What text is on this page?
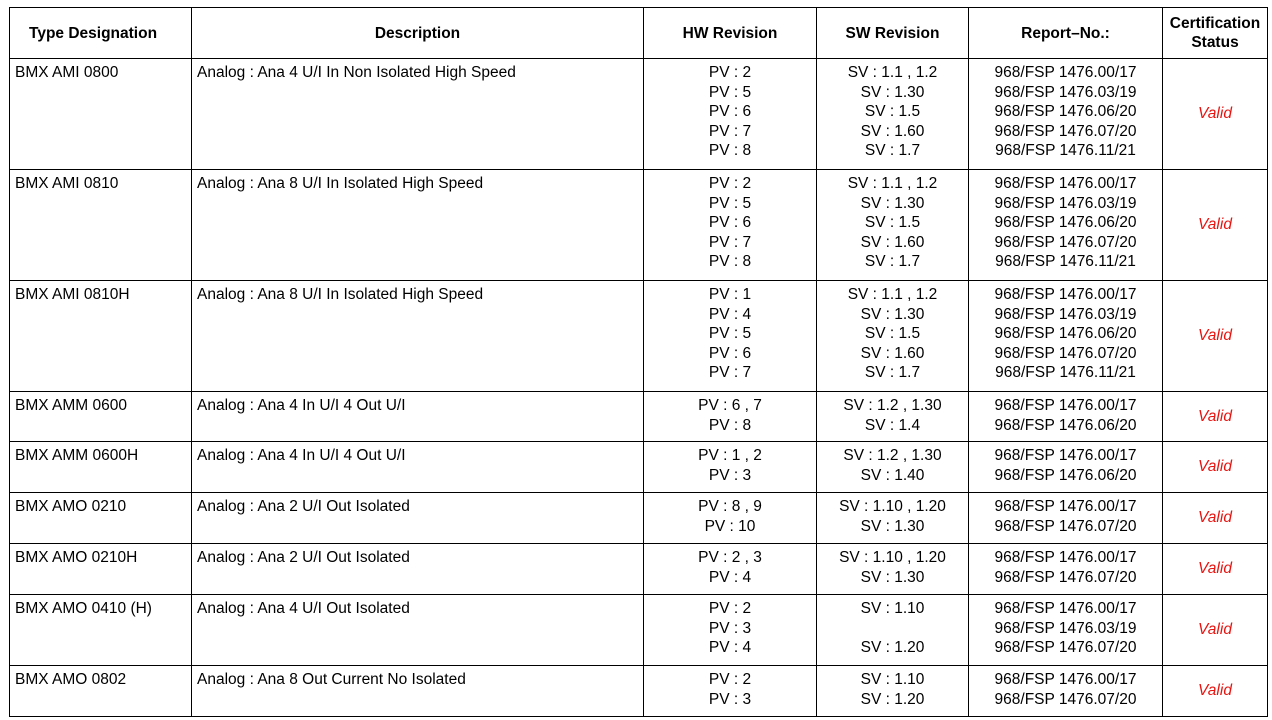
Type Designation	Description	HW Revision	SW Revision	Report–No.:	Certification
Status

BMX AMI 0800	Analog : Ana 4 U/I In Non Isolated High Speed	PV : 2
PV : 5
PV : 6
PV : 7
PV : 8	SV : 1.1 , 1.2
SV : 1.30
SV : 1.5
SV : 1.60
SV : 1.7	968/FSP 1476.00/17
968/FSP 1476.03/19
968/FSP 1476.06/20
968/FSP 1476.07/20
968/FSP 1476.11/21	Valid
BMX AMI 0810	Analog : Ana 8 U/I In Isolated High Speed	PV : 2
PV : 5
PV : 6
PV : 7
PV : 8	SV : 1.1 , 1.2
SV : 1.30
SV : 1.5
SV : 1.60
SV : 1.7	968/FSP 1476.00/17
968/FSP 1476.03/19
968/FSP 1476.06/20
968/FSP 1476.07/20
968/FSP 1476.11/21	Valid
BMX AMI 0810H	Analog : Ana 8 U/I In Isolated High Speed	PV : 1
PV : 4
PV : 5
PV : 6
PV : 7	SV : 1.1 , 1.2
SV : 1.30
SV : 1.5
SV : 1.60
SV : 1.7	968/FSP 1476.00/17
968/FSP 1476.03/19
968/FSP 1476.06/20
968/FSP 1476.07/20
968/FSP 1476.11/21	Valid
BMX AMM 0600	Analog : Ana 4 In U/I 4 Out U/I	PV : 6 , 7
PV : 8	SV : 1.2 , 1.30
SV : 1.4	968/FSP 1476.00/17
968/FSP 1476.06/20	Valid
BMX AMM 0600H	Analog : Ana 4 In U/I 4 Out U/I	PV : 1 , 2
PV : 3	SV : 1.2 , 1.30
SV : 1.40	968/FSP 1476.00/17
968/FSP 1476.06/20	Valid
BMX AMO 0210	Analog : Ana 2 U/I Out Isolated	PV : 8 , 9
PV : 10	SV : 1.10 , 1.20
SV : 1.30	968/FSP 1476.00/17
968/FSP 1476.07/20	Valid
BMX AMO 0210H	Analog : Ana 2 U/I Out Isolated	PV : 2 , 3
PV : 4	SV : 1.10 , 1.20
SV : 1.30	968/FSP 1476.00/17
968/FSP 1476.07/20	Valid
BMX AMO 0410 (H)	Analog : Ana 4 U/I Out Isolated	PV : 2
PV : 3
PV : 4	SV : 1.10
SV : 1.20	968/FSP 1476.00/17
968/FSP 1476.03/19
968/FSP 1476.07/20	Valid
BMX AMO 0802	Analog : Ana 8 Out Current No Isolated	PV : 2
PV : 3	SV : 1.10
SV : 1.20	968/FSP 1476.00/17
968/FSP 1476.07/20	Valid
